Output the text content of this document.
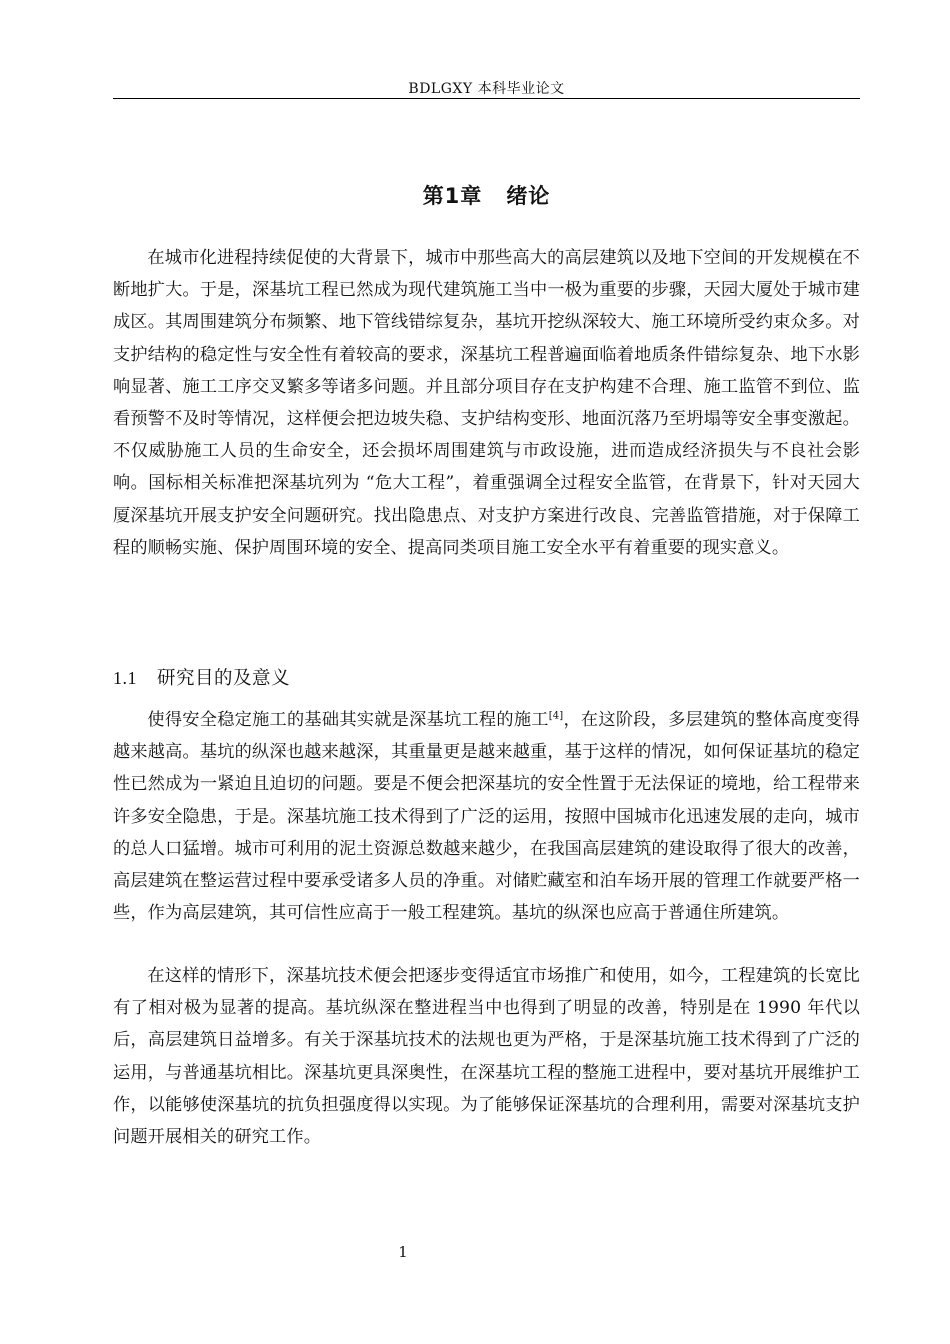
BDLGXY 本科毕业论文
第1章 绪论

在城市化进程持续促使的大背景下，城市中那些高大的高层建筑以及地下空间的开发规模在不断地扩大。于是，深基坑工程已然成为现代建筑施工当中一极为重要的步骤，天园大厦处于城市建成区。其周围建筑分布频繁、地下管线错综复杂，基坑开挖纵深较大、施工环境所受约束众多。对支护结构的稳定性与安全性有着较高的要求，深基坑工程普遍面临着地质条件错综复杂、地下水影响显著、施工工序交叉繁多等诸多问题。并且部分项目存在支护构建不合理、施工监管不到位、监看预警不及时等情况，这样便会把边坡失稳、支护结构变形、地面沉落乃至坍塌等安全事变激起。不仅威胁施工人员的生命安全，还会损坏周围建筑与市政设施，进而造成经济损失与不良社会影响。国标相关标准把深基坑列为 “危大工程”，着重强调全过程安全监管，在背景下，针对天园大厦深基坑开展支护安全问题研究。找出隐患点、对支护方案进行改良、完善监管措施，对于保障工程的顺畅实施、保护周围环境的安全、提高同类项目施工安全水平有着重要的现实意义。

1.1 研究目的及意义

使得安全稳定施工的基础其实就是深基坑工程的施工[4]，在这阶段，多层建筑的整体高度变得越来越高。基坑的纵深也越来越深，其重量更是越来越重，基于这样的情况，如何保证基坑的稳定性已然成为一紧迫且迫切的问题。要是不便会把深基坑的安全性置于无法保证的境地，给工程带来许多安全隐患，于是。深基坑施工技术得到了广泛的运用，按照中国城市化迅速发展的走向，城市的总人口猛增。城市可利用的泥土资源总数越来越少，在我国高层建筑的建设取得了很大的改善，高层建筑在整运营过程中要承受诸多人员的净重。对储贮藏室和泊车场开展的管理工作就要严格一些，作为高层建筑，其可信性应高于一般工程建筑。基坑的纵深也应高于普通住所建筑。

在这样的情形下，深基坑技术便会把逐步变得适宜市场推广和使用，如今，工程建筑的长宽比有了相对极为显著的提高。基坑纵深在整进程当中也得到了明显的改善，特别是在 1990 年代以后，高层建筑日益增多。有关于深基坑技术的法规也更为严格，于是深基坑施工技术得到了广泛的运用，与普通基坑相比。深基坑更具深奥性，在深基坑工程的整施工进程中，要对基坑开展维护工作，以能够使深基坑的抗负担强度得以实现。为了能够保证深基坑的合理利用，需要对深基坑支护问题开展相关的研究工作。

1
